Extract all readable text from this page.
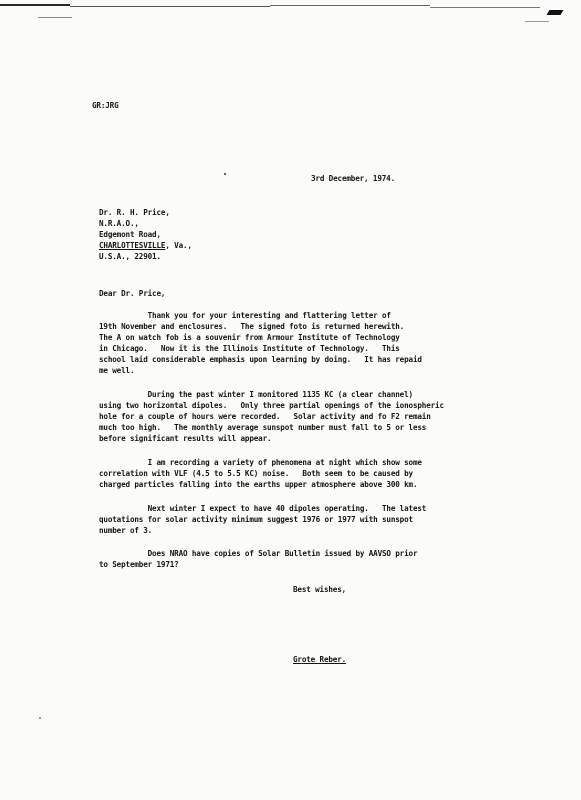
GR:JRG
3rd December, 1974.
Dr. R. H. Price,
N.R.A.O.,
Edgemont Road,
CHARLOTTESVILLE, Va.,
U.S.A., 22901.
Dear Dr. Price,
Thank you for your interesting and flattering letter of
19th November and enclosures.   The signed foto is returned herewith.
The A on watch fob is a souvenir from Armour Institute of Technology
in Chicago.   Now it is the Illinois Institute of Technology.   This
school laid considerable emphasis upon learning by doing.   It has repaid
me well.
During the past winter I monitored 1135 KC (a clear channel)
using two horizontal dipoles.   Only three partial openings of the ionospheric
hole for a couple of hours were recorded.   Solar activity and fo F2 remain
much too high.   The monthly average sunspot number must fall to 5 or less
before significant results will appear.
I am recording a variety of phenomena at night which show some
correlation with VLF (4.5 to 5.5 KC) noise.   Both seem to be caused by
charged particles falling into the earths upper atmosphere above 300 km.
Next winter I expect to have 40 dipoles operating.   The latest
quotations for solar activity minimum suggest 1976 or 1977 with sunspot
number of 3.
Does NRAO have copies of Solar Bulletin issued by AAVSO prior
to September 1971?
Best wishes,
Grote Reber.
